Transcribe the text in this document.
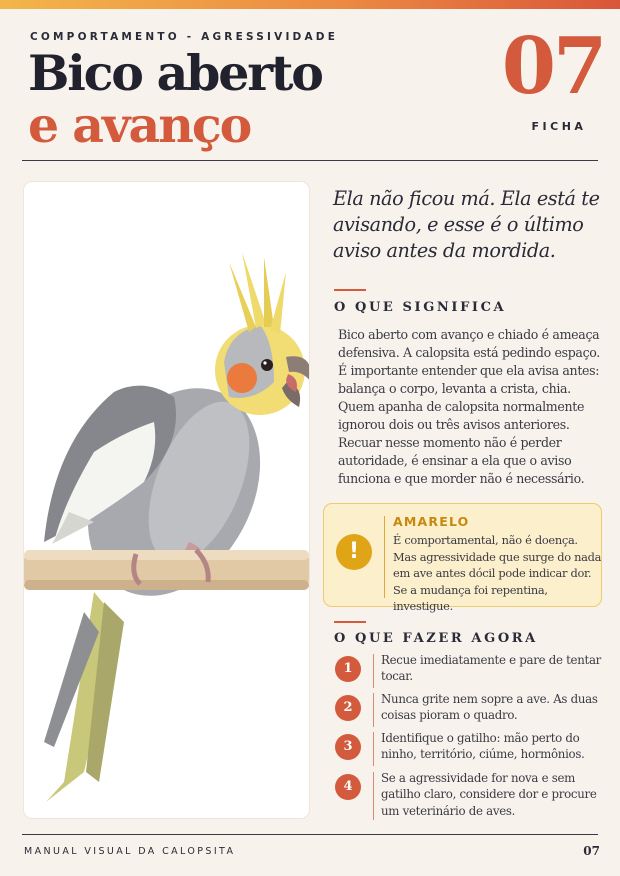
COMPORTAMENTO - AGRESSIVIDADE
Bico aberto
e avanço
07
FICHA
Ela não ficou má. Ela está te avisando, e esse é o último aviso antes da mordida.
O QUE SIGNIFICA
Bico aberto com avanço e chiado é ameaça defensiva. A calopsita está pedindo espaço. É importante entender que ela avisa antes: balança o corpo, levanta a crista, chia. Quem apanha de calopsita normalmente ignorou dois ou três avisos anteriores. Recuar nesse momento não é perder autoridade, é ensinar a ela que o aviso funciona e que morder não é necessário.
!
AMARELO
É comportamental, não é doença. Mas agressividade que surge do nada em ave antes dócil pode indicar dor. Se a mudança foi repentina, investigue.
O QUE FAZER AGORA
1
Recue imediatamente e pare de tentar tocar.
2
Nunca grite nem sopre a ave. As duas coisas pioram o quadro.
3
Identifique o gatilho: mão perto do ninho, território, ciúme, hormônios.
4
Se a agressividade for nova e sem gatilho claro, considere dor e procure um veterinário de aves.
MANUAL VISUAL DA CALOPSITA	07
